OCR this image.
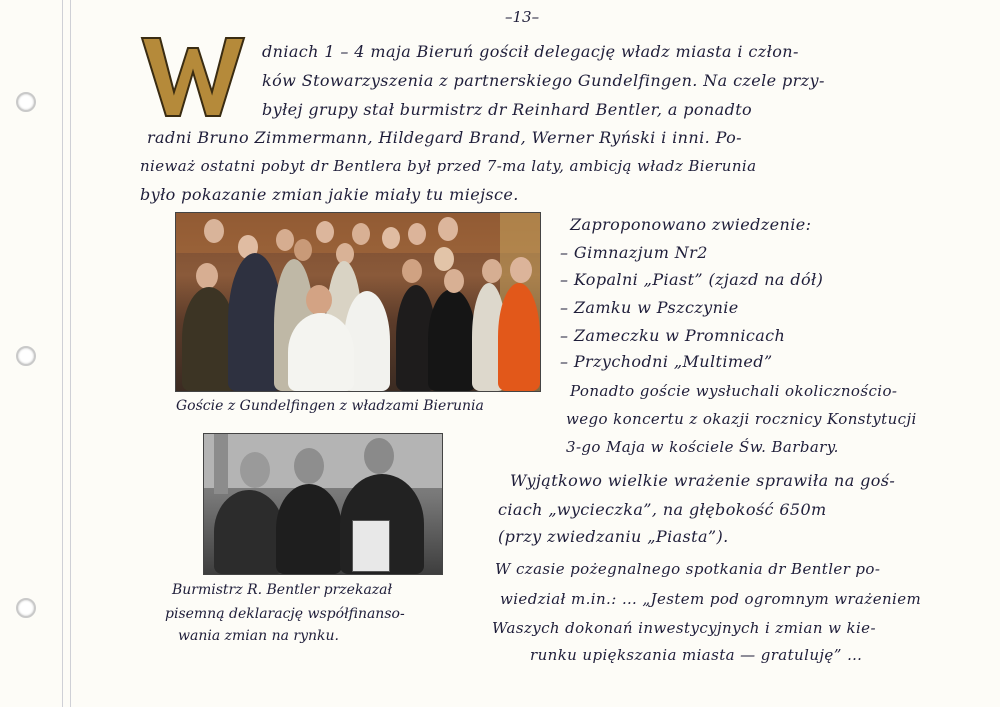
–13–
W
dniach 1 – 4 maja Bieruń gościł delegację władz miasta i człon-
ków Stowarzyszenia z partnerskiego Gundelfingen. Na czele przy-
byłej grupy stał burmistrz dr Reinhard Bentler, a ponadto
radni Bruno Zimmermann, Hildegard Brand, Werner Ryński i inni. Po-
nieważ ostatni pobyt dr Bentlera był przed 7-ma laty, ambicją władz Bierunia
było pokazanie zmian jakie miały tu miejsce.
Goście z Gundelfingen z władzami Bierunia
Burmistrz R. Bentler przekazał
pisemną deklarację współfinanso-
wania zmian na rynku.
Zaproponowano zwiedzenie:
– Gimnazjum Nr2
– Kopalni „Piast” (zjazd na dół)
– Zamku w Pszczynie
– Zameczku w Promnicach
– Przychodni „Multimed”
Ponadto goście wysłuchali okolicznościo-
wego koncertu z okazji rocznicy Konstytucji
3-go Maja w kościele Św. Barbary.
Wyjątkowo wielkie wrażenie sprawiła na goś-
ciach „wycieczka”, na głębokość 650m
(przy zwiedzaniu „Piasta”).
W czasie pożegnalnego spotkania dr Bentler po-
wiedział m.in.: … „Jestem pod ogromnym wrażeniem
Waszych dokonań inwestycyjnych i zmian w kie-
runku upiększania miasta — gratuluję” …
